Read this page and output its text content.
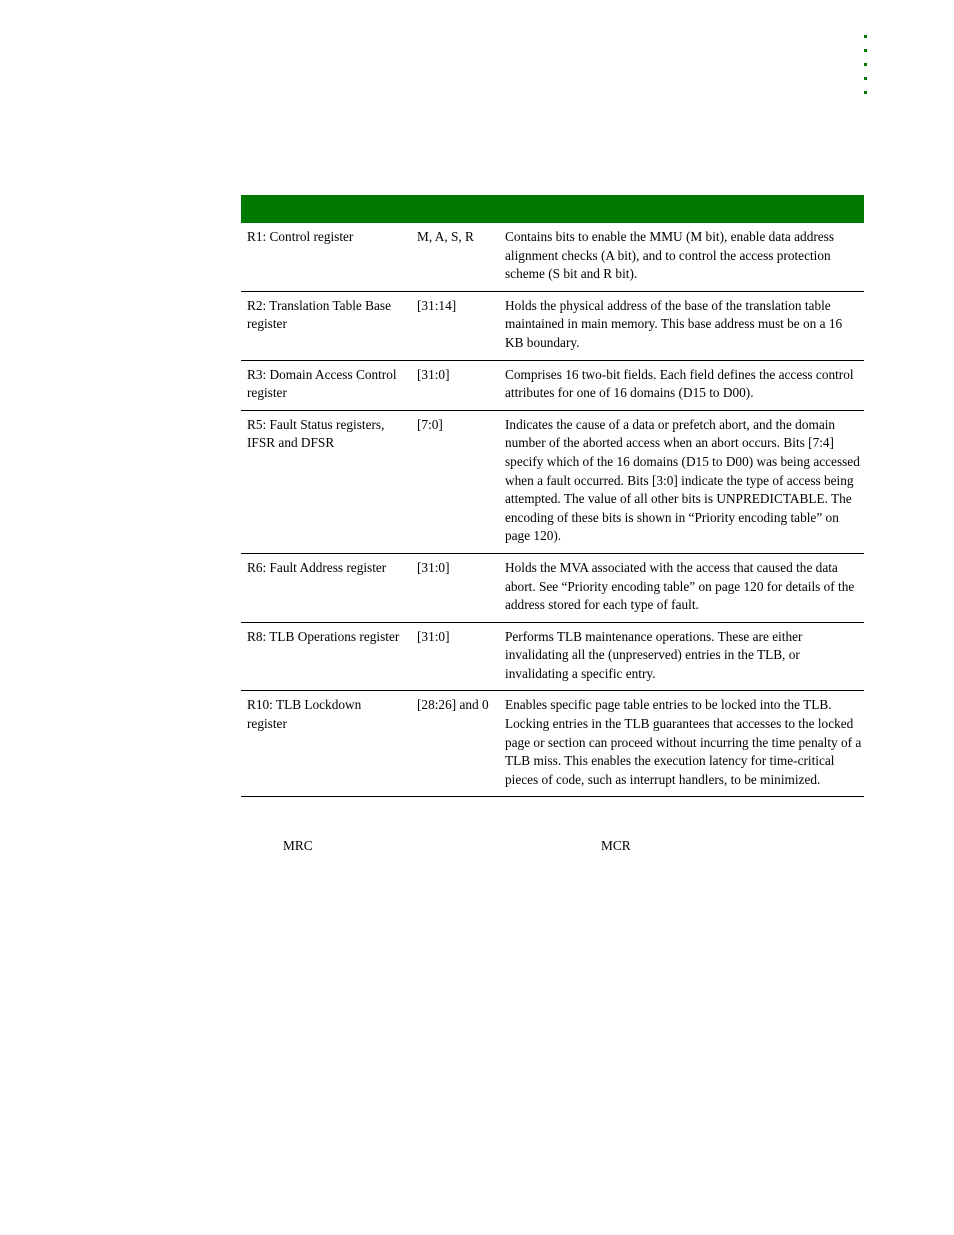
R1: Control register	M, A, S, R	Contains bits to enable the MMU (M bit), enable data address alignment checks (A bit), and to control the access protection scheme (S bit and R bit).
R2: Translation Table Base register	[31:14]	Holds the physical address of the base of the translation table maintained in main memory. This base address must be on a 16 KB boundary.
R3: Domain Access Control register	[31:0]	Comprises 16 two-bit fields. Each field defines the access control attributes for one of 16 domains (D15 to D00).
R5: Fault Status registers, IFSR and DFSR	[7:0]	Indicates the cause of a data or prefetch abort, and the domain number of the aborted access when an abort occurs. Bits [7:4] specify which of the 16 domains (D15 to D00) was being accessed when a fault occurred. Bits [3:0] indicate the type of access being attempted. The value of all other bits is UNPREDICTABLE. The encoding of these bits is shown in “Priority encoding table” on page 120).
R6: Fault Address register	[31:0]	Holds the MVA associated with the access that caused the data abort. See “Priority encoding table” on page 120 for details of the address stored for each type of fault.
R8: TLB Operations register	[31:0]	Performs TLB maintenance operations. These are either invalidating all the (unpreserved) entries in the TLB, or invalidating a specific entry.
R10: TLB Lockdown register	[28:26] and 0	Enables specific page table entries to be locked into the TLB. Locking entries in the TLB guarantees that accesses to the locked page or section can proceed without incurring the time penalty of a TLB miss. This enables the execution latency for time-critical pieces of code, such as interrupt handlers, to be minimized.
MRC	MCR
